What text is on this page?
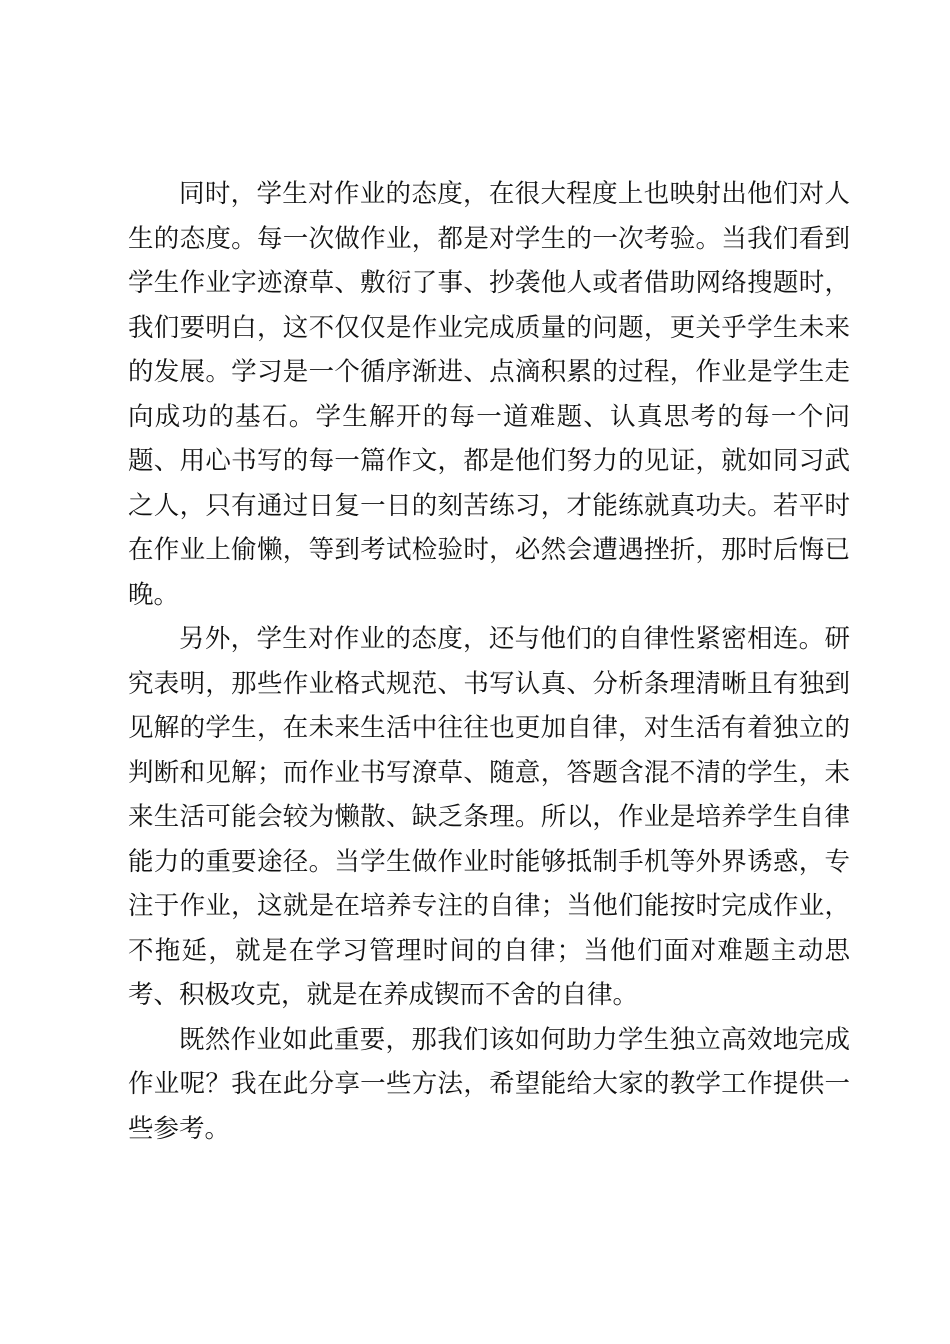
同时，学生对作业的态度，在很大程度上也映射出他们对人生的态度。每一次做作业，都是对学生的一次考验。当我们看到学生作业字迹潦草、敷衍了事、抄袭他人或者借助网络搜题时，我们要明白，这不仅仅是作业完成质量的问题，更关乎学生未来的发展。学习是一个循序渐进、点滴积累的过程，作业是学生走向成功的基石。学生解开的每一道难题、认真思考的每一个问题、用心书写的每一篇作文，都是他们努力的见证，就如同习武之人，只有通过日复一日的刻苦练习，才能练就真功夫。若平时在作业上偷懒，等到考试检验时，必然会遭遇挫折，那时后悔已晚。

另外，学生对作业的态度，还与他们的自律性紧密相连。研究表明，那些作业格式规范、书写认真、分析条理清晰且有独到见解的学生，在未来生活中往往也更加自律，对生活有着独立的判断和见解；而作业书写潦草、随意，答题含混不清的学生，未来生活可能会较为懒散、缺乏条理。所以，作业是培养学生自律能力的重要途径。当学生做作业时能够抵制手机等外界诱惑，专注于作业，这就是在培养专注的自律；当他们能按时完成作业，不拖延，就是在学习管理时间的自律；当他们面对难题主动思考、积极攻克，就是在养成锲而不舍的自律。

既然作业如此重要，那我们该如何助力学生独立高效地完成作业呢？我在此分享一些方法，希望能给大家的教学工作提供一些参考。
